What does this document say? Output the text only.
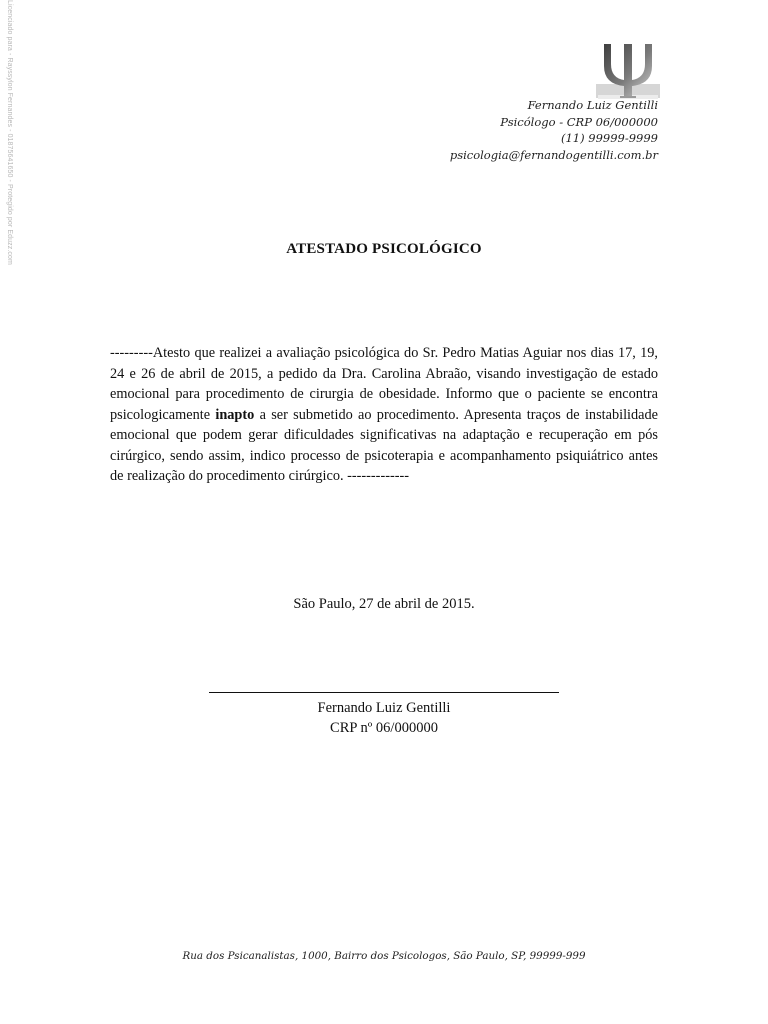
Licenciado para - Rayssylon Fernandes - 01875641650 - Protegido por Eduzz.com	Fernando Luiz Gentilli
Psicólogo - CRP 06/000000
(11) 99999-9999
psicologia@fernandogentilli.com.br
ATESTADO PSICOLÓGICO
---------Atesto que realizei a avaliação psicológica do Sr. Pedro Matias Aguiar nos dias 17, 19, 24 e 26 de abril de 2015, a pedido da Dra. Carolina Abraão, visando investigação de estado emocional para procedimento de cirurgia de obesidade. Informo que o paciente se encontra psicologicamente inapto a ser submetido ao procedimento. Apresenta traços de instabilidade emocional que podem gerar dificuldades significativas na adaptação e recuperação em pós cirúrgico, sendo assim, indico processo de psicoterapia e acompanhamento psiquiátrico antes de realização do procedimento cirúrgico. -------------
São Paulo, 27 de abril de 2015.
Fernando Luiz Gentilli
CRP nº 06/000000
Rua dos Psicanalistas, 1000, Bairro dos Psicologos, São Paulo, SP, 99999-999
